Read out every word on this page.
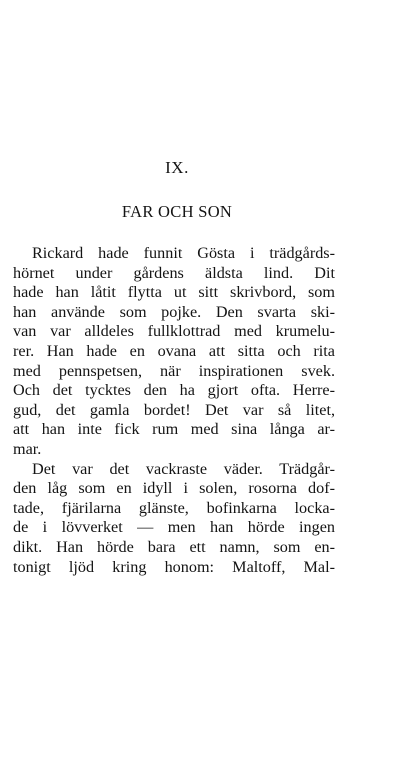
IX.
FAR OCH SON
Rickard hade funnit Gösta i trädgårds-
hörnet under gårdens äldsta lind. Dit
hade han låtit flytta ut sitt skrivbord, som
han använde som pojke. Den svarta ski-
van var alldeles fullklottrad med krumelu-
rer. Han hade en ovana att sitta och rita
med pennspetsen, när inspirationen svek.
Och det tycktes den ha gjort ofta. Herre-
gud, det gamla bordet! Det var så litet,
att han inte fick rum med sina långa ar-
mar.
Det var det vackraste väder. Trädgår-
den låg som en idyll i solen, rosorna dof-
tade, fjärilarna glänste, bofinkarna locka-
de i lövverket — men han hörde ingen
dikt. Han hörde bara ett namn, som en-
tonigt ljöd kring honom: Maltoff, Mal-
